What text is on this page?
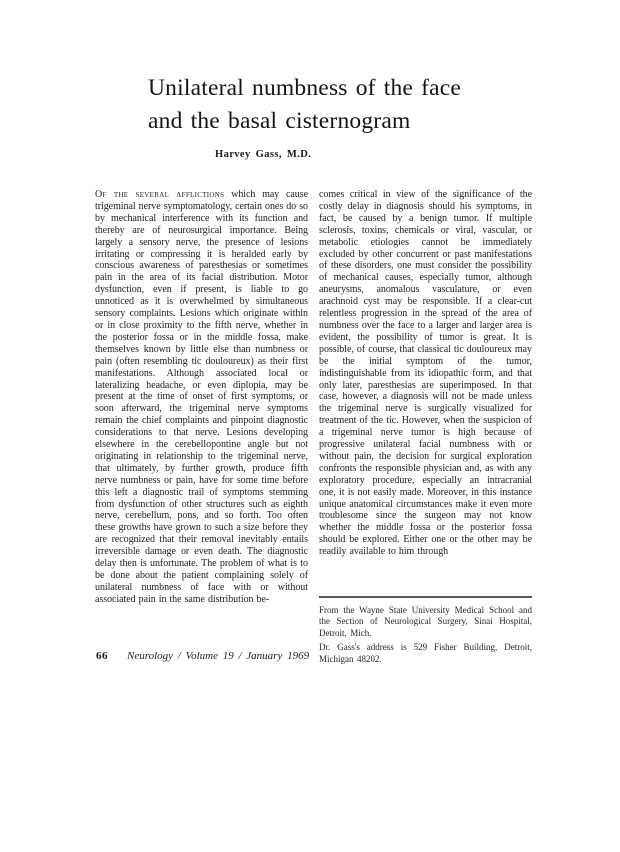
Unilateral numbness of the face
and the basal cisternogram
Harvey Gass, M.D.

Of the several afflictions which may cause trigeminal nerve symptomatology, certain ones do so by mechanical interference with its function and thereby are of neurosurgical importance. Being largely a sensory nerve, the presence of lesions irritating or compressing it is heralded early by conscious awareness of paresthesias or sometimes pain in the area of its facial distribution. Motor dysfunction, even if present, is liable to go unnoticed as it is overwhelmed by simultaneous sensory complaints. Lesions which originate within or in close proximity to the fifth nerve, whether in the posterior fossa or in the middle fossa, make themselves known by little else than numbness or pain (often resembling tic douloureux) as their first manifestations. Although associated local or lateralizing headache, or even diplopia, may be present at the time of onset of first symptoms, or soon afterward, the trigeminal nerve symptoms remain the chief complaints and pinpoint diagnostic considerations to that nerve. Lesions developing elsewhere in the cerebellopontine angle but not originating in relationship to the trigeminal nerve, that ultimately, by further growth, produce fifth nerve numbness or pain, have for some time before this left a diagnostic trail of symptoms stemming from dysfunction of other structures such as eighth nerve, cerebellum, pons, and so forth. Too often these growths have grown to such a size before they are recognized that their removal inevitably entails irreversible damage or even death. The diagnostic delay then is unfortunate. The problem of what is to be done about the patient complaining solely of unilateral numbness of face with or without associated pain in the same distribution be-

comes critical in view of the significance of the costly delay in diagnosis should his symptoms, in fact, be caused by a benign tumor. If multiple sclerosis, toxins, chemicals or viral, vascular, or metabolic etiologies cannot be immediately excluded by other concurrent or past manifestations of these disorders, one must consider the possibility of mechanical causes, especially tumor, although aneurysms, anomalous vasculature, or even arachnoid cyst may be responsible. If a clear-cut relentless progression in the spread of the area of numbness over the face to a larger and larger area is evident, the possibility of tumor is great. It is possible, of course, that classical tic douloureux may be the initial symptom of the tumor, indistinguishable from its idiopathic form, and that only later, paresthesias are superimposed. In that case, however, a diagnosis will not be made unless the trigeminal nerve is surgically visualized for treatment of the tic. However, when the suspicion of a trigeminal nerve tumor is high because of progressive unilateral facial numbness with or without pain, the decision for surgical exploration confronts the responsible physician and, as with any exploratory procedure, especially an intracranial one, it is not easily made. Moreover, in this instance unique anatomical circumstances make it even more troublesome since the surgeon may not know whether the middle fossa or the posterior fossa should be explored. Either one or the other may be readily available to him through

From the Wayne State University Medical School and the Section of Neurological Surgery, Sinai Hospital, Detroit, Mich.

Dr. Gass's address is 529 Fisher Building, Detroit, Michigan 48202.

66 Neurology / Volume 19 / January 1969
